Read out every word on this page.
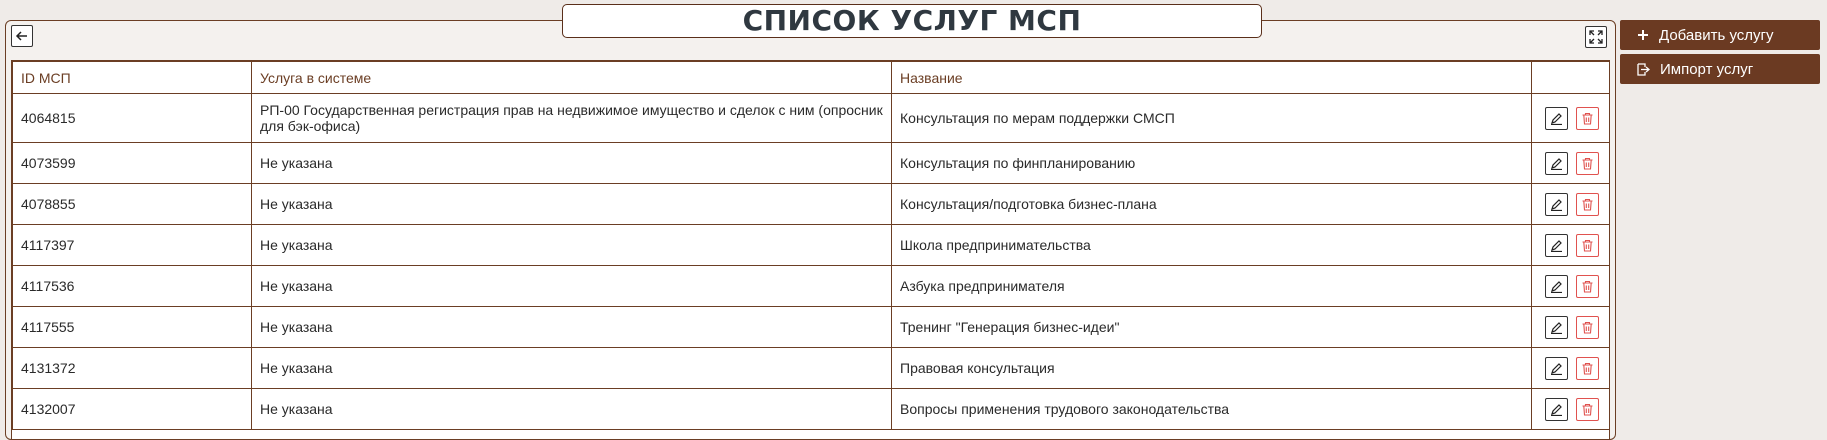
СПИСОК УСЛУГ МСП	Добавить услугу
Импорт услуг
ID МСП	Услуга в системе	Название	
4064815	РП-00 Государственная регистрация прав на недвижимое имущество и сделок с ним (опросник для бэк-офиса)	Консультация по мерам поддержки СМСП	

4073599	Не указана	Консультация по финпланированию	

4078855	Не указана	Консультация/подготовка бизнес-плана	

4117397	Не указана	Школа предпринимательства	

4117536	Не указана	Азбука предпринимателя	

4117555	Не указана	Тренинг "Генерация бизнес-идеи"	

4131372	Не указана	Правовая консультация	

4132007	Не указана	Вопросы применения трудового законодательства	
